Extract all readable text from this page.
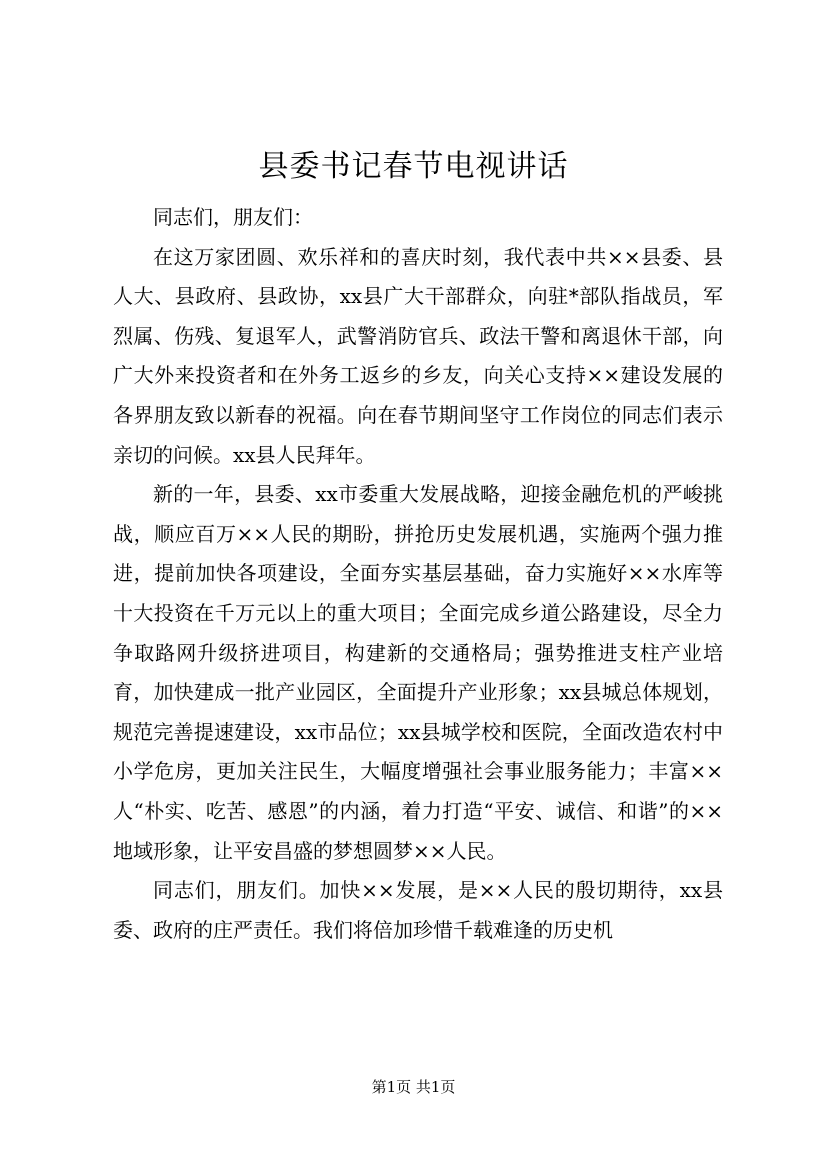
县委书记春节电视讲话

同志们，朋友们：

在这万家团圆、欢乐祥和的喜庆时刻，我代表中共××县委、县人大、县政府、县政协，xx县广大干部群众，向驻*部队指战员，军烈属、伤残、复退军人，武警消防官兵、政法干警和离退休干部，向广大外来投资者和在外务工返乡的乡友，向关心支持××建设发展的各界朋友致以新春的祝福。向在春节期间坚守工作岗位的同志们表示亲切的问候。xx县人民拜年。

新的一年，县委、xx市委重大发展战略，迎接金融危机的严峻挑战，顺应百万××人民的期盼，拼抢历史发展机遇，实施两个强力推进，提前加快各项建设，全面夯实基层基础，奋力实施好××水库等十大投资在千万元以上的重大项目；全面完成乡道公路建设，尽全力争取路网升级挤进项目，构建新的交通格局；强势推进支柱产业培育，加快建成一批产业园区，全面提升产业形象；xx县城总体规划，规范完善提速建设，xx市品位；xx县城学校和医院，全面改造农村中小学危房，更加关注民生，大幅度增强社会事业服务能力；丰富××人“朴实、吃苦、感恩”的内涵，着力打造“平安、诚信、和谐”的××地域形象，让平安昌盛的梦想圆梦××人民。

同志们，朋友们。加快××发展，是××人民的殷切期待，xx县委、政府的庄严责任。我们将倍加珍惜千载难逢的历史机

第1页 共1页
